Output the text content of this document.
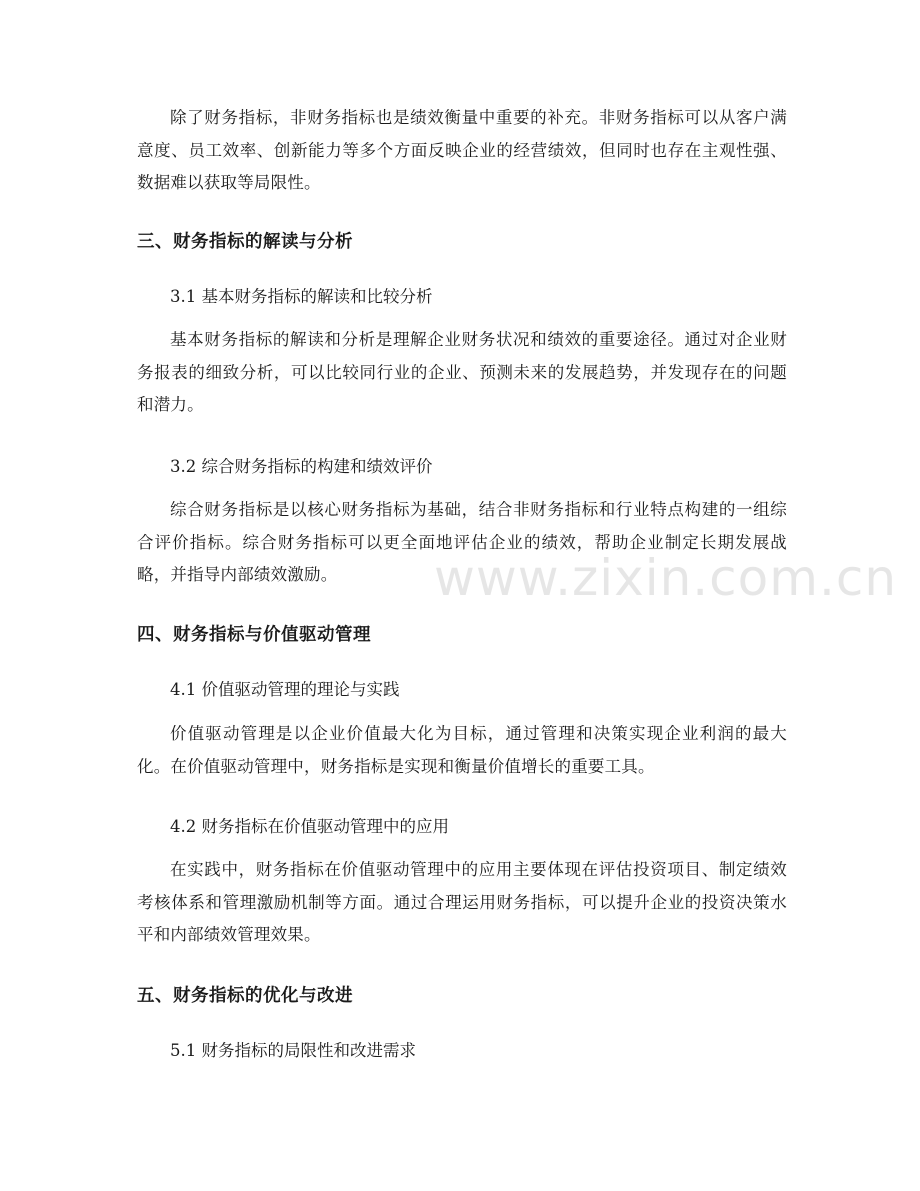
除了财务指标，非财务指标也是绩效衡量中重要的补充。非财务指标可以从客户满意度、员工效率、创新能力等多个方面反映企业的经营绩效，但同时也存在主观性强、数据难以获取等局限性。

三、财务指标的解读与分析
3.1 基本财务指标的解读和比较分析

基本财务指标的解读和分析是理解企业财务状况和绩效的重要途径。通过对企业财务报表的细致分析，可以比较同行业的企业、预测未来的发展趋势，并发现存在的问题和潜力。

3.2 综合财务指标的构建和绩效评价

综合财务指标是以核心财务指标为基础，结合非财务指标和行业特点构建的一组综合评价指标。综合财务指标可以更全面地评估企业的绩效，帮助企业制定长期发展战略，并指导内部绩效激励。

四、财务指标与价值驱动管理
4.1 价值驱动管理的理论与实践

价值驱动管理是以企业价值最大化为目标，通过管理和决策实现企业利润的最大化。在价值驱动管理中，财务指标是实现和衡量价值增长的重要工具。

4.2 财务指标在价值驱动管理中的应用

在实践中，财务指标在价值驱动管理中的应用主要体现在评估投资项目、制定绩效考核体系和管理激励机制等方面。通过合理运用财务指标，可以提升企业的投资决策水平和内部绩效管理效果。

五、财务指标的优化与改进
5.1 财务指标的局限性和改进需求
www.zixin.com.cn
